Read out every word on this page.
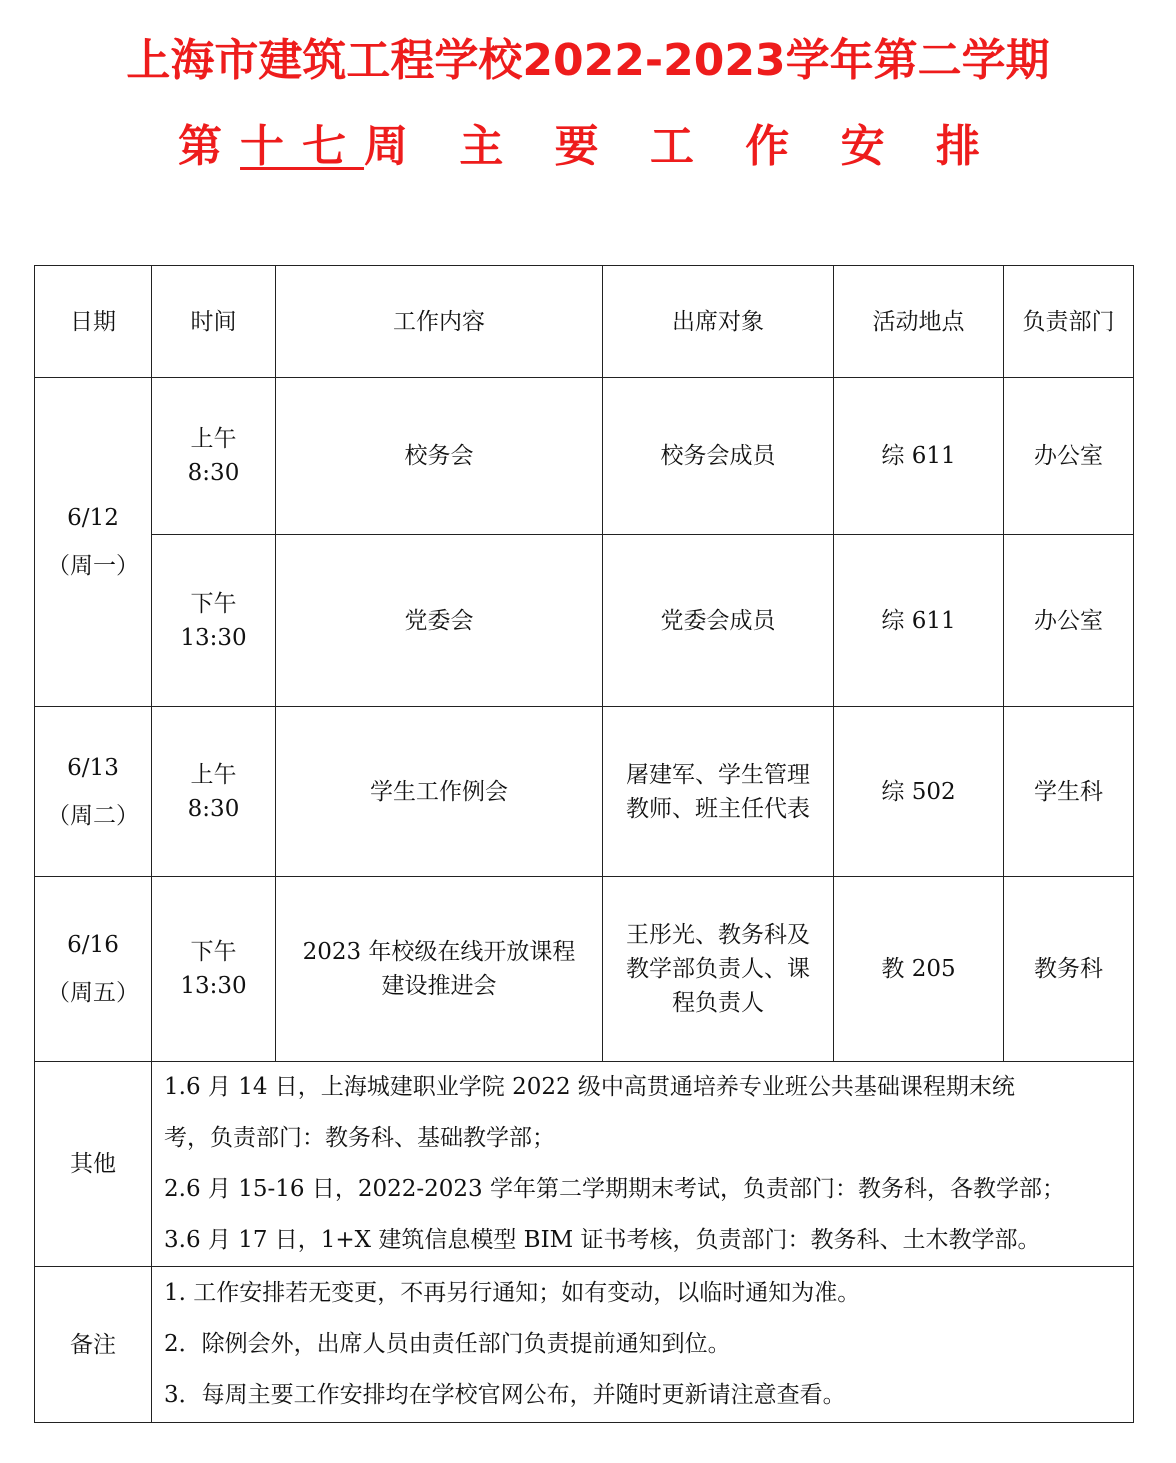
上海市建筑工程学校2022-2023学年第二学期
第十七周 主 要 工 作 安 排
日期	时间	工作内容	出席对象	活动地点	负责部门

6/12
（周一）	上午
8:30	校务会	校务会成员	综 611	办公室

	下午
13:30	党委会	党委会成员	综 611	办公室

6/13
（周二）	上午
8:30	学生工作例会	屠建军、学生管理
教师、班主任代表	综 502	学生科

6/16
（周五）	下午
13:30	2023 年校级在线开放课程
建设推进会	王彤光、教务科及
教学部负责人、课
程负责人	教 205	教务科
其他	1.6 月 14 日，上海城建职业学院 2022 级中高贯通培养专业班公共基础课程期末统
考，负责部门：教务科、基础教学部；
2.6 月 15-16 日，2022-2023 学年第二学期期末考试，负责部门：教务科，各教学部；
3.6 月 17 日，1+X 建筑信息模型 BIM 证书考核，负责部门：教务科、土木教学部。				

备注	1. 工作安排若无变更，不再另行通知；如有变动，以临时通知为准。
2．除例会外，出席人员由责任部门负责提前通知到位。
3．每周主要工作安排均在学校官网公布，并随时更新请注意查看。				
